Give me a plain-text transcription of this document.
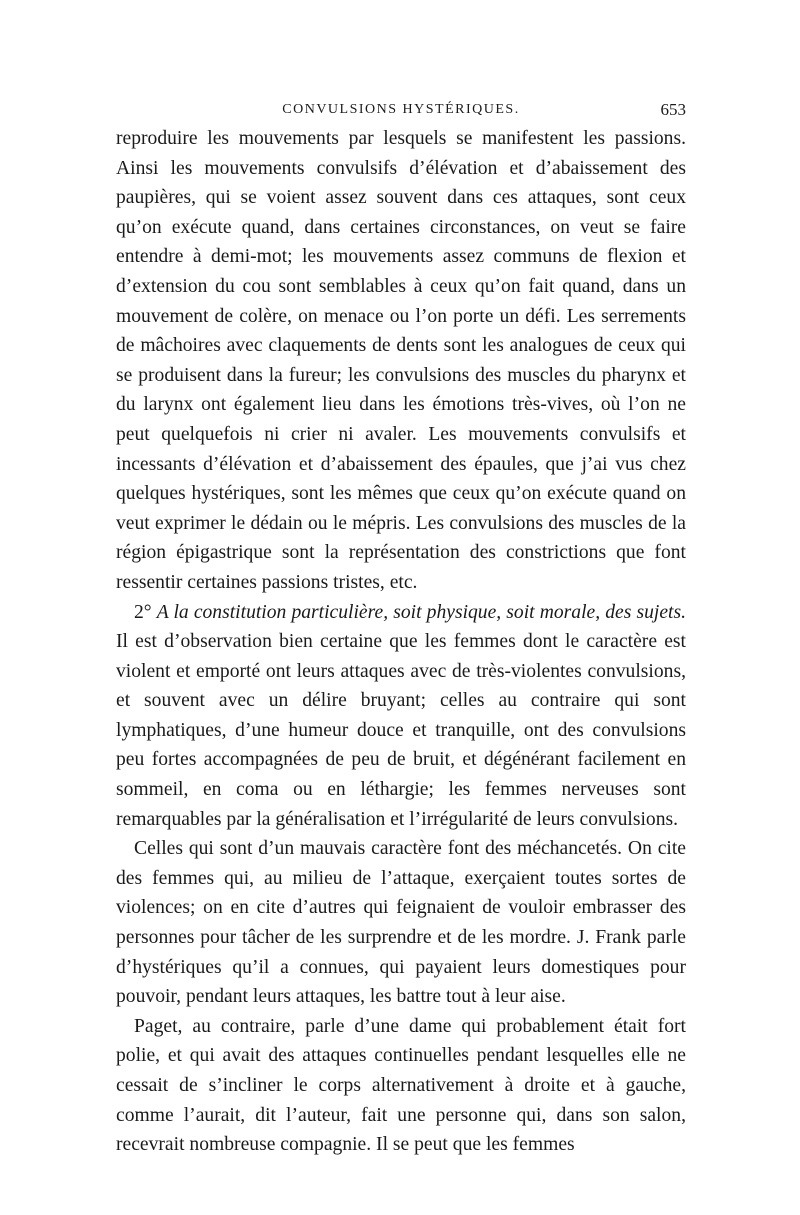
CONVULSIONS HYSTÉRIQUES.	653

reproduire les mouvements par lesquels se manifestent les passions. Ainsi les mouvements convulsifs d’élévation et d’abaissement des paupières, qui se voient assez souvent dans ces attaques, sont ceux qu’on exécute quand, dans certaines circonstances, on veut se faire entendre à demi-mot; les mouvements assez communs de flexion et d’extension du cou sont semblables à ceux qu’on fait quand, dans un mouvement de colère, on menace ou l’on porte un défi. Les serrements de mâchoires avec claquements de dents sont les analogues de ceux qui se produisent dans la fureur; les convulsions des muscles du pharynx et du larynx ont également lieu dans les émotions très-vives, où l’on ne peut quelquefois ni crier ni avaler. Les mouvements convulsifs et incessants d’élévation et d’abaissement des épaules, que j’ai vus chez quelques hystériques, sont les mêmes que ceux qu’on exécute quand on veut exprimer le dédain ou le mépris. Les convulsions des muscles de la région épigastrique sont la représentation des constrictions que font ressentir certaines passions tristes, etc.

2° A la constitution particulière, soit physique, soit morale, des sujets. Il est d’observation bien certaine que les femmes dont le caractère est violent et emporté ont leurs attaques avec de très-violentes convulsions, et souvent avec un délire bruyant; celles au contraire qui sont lymphatiques, d’une humeur douce et tranquille, ont des convulsions peu fortes accompagnées de peu de bruit, et dégénérant facilement en sommeil, en coma ou en léthargie; les femmes nerveuses sont remarquables par la généralisation et l’irrégularité de leurs convulsions.

Celles qui sont d’un mauvais caractère font des méchancetés. On cite des femmes qui, au milieu de l’attaque, exerçaient toutes sortes de violences; on en cite d’autres qui feignaient de vouloir embrasser des personnes pour tâcher de les surprendre et de les mordre. J. Frank parle d’hystériques qu’il a connues, qui payaient leurs domestiques pour pouvoir, pendant leurs attaques, les battre tout à leur aise.

Paget, au contraire, parle d’une dame qui probablement était fort polie, et qui avait des attaques continuelles pendant lesquelles elle ne cessait de s’incliner le corps alternativement à droite et à gauche, comme l’aurait, dit l’auteur, fait une personne qui, dans son salon, recevrait nombreuse compagnie. Il se peut que les femmes
